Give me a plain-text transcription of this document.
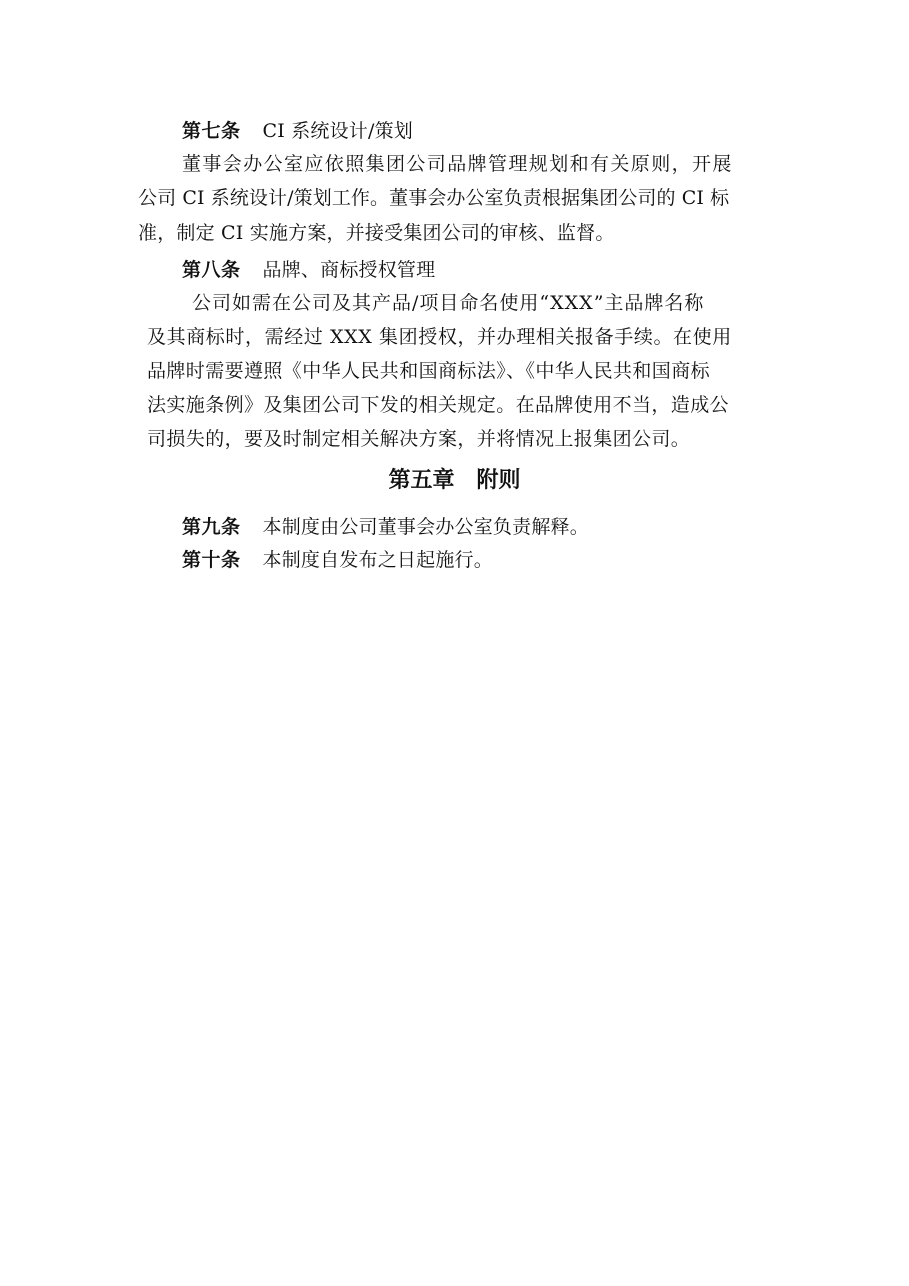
第七条 CI 系统设计/策划
董事会办公室应依照集团公司品牌管理规划和有关原则，开展
公司 CI 系统设计/策划工作。董事会办公室负责根据集团公司的 CI 标
准，制定 CI 实施方案，并接受集团公司的审核、监督。
第八条 品牌、商标授权管理
公司如需在公司及其产品/项目命名使用“XXX”主品牌名称
及其商标时，需经过 XXX 集团授权，并办理相关报备手续。在使用
品牌时需要遵照《中华人民共和国商标法》、《中华人民共和国商标
法实施条例》及集团公司下发的相关规定。在品牌使用不当，造成公
司损失的，要及时制定相关解决方案，并将情况上报集团公司。
第五章　附则
第九条 本制度由公司董事会办公室负责解释。
第十条 本制度自发布之日起施行。
